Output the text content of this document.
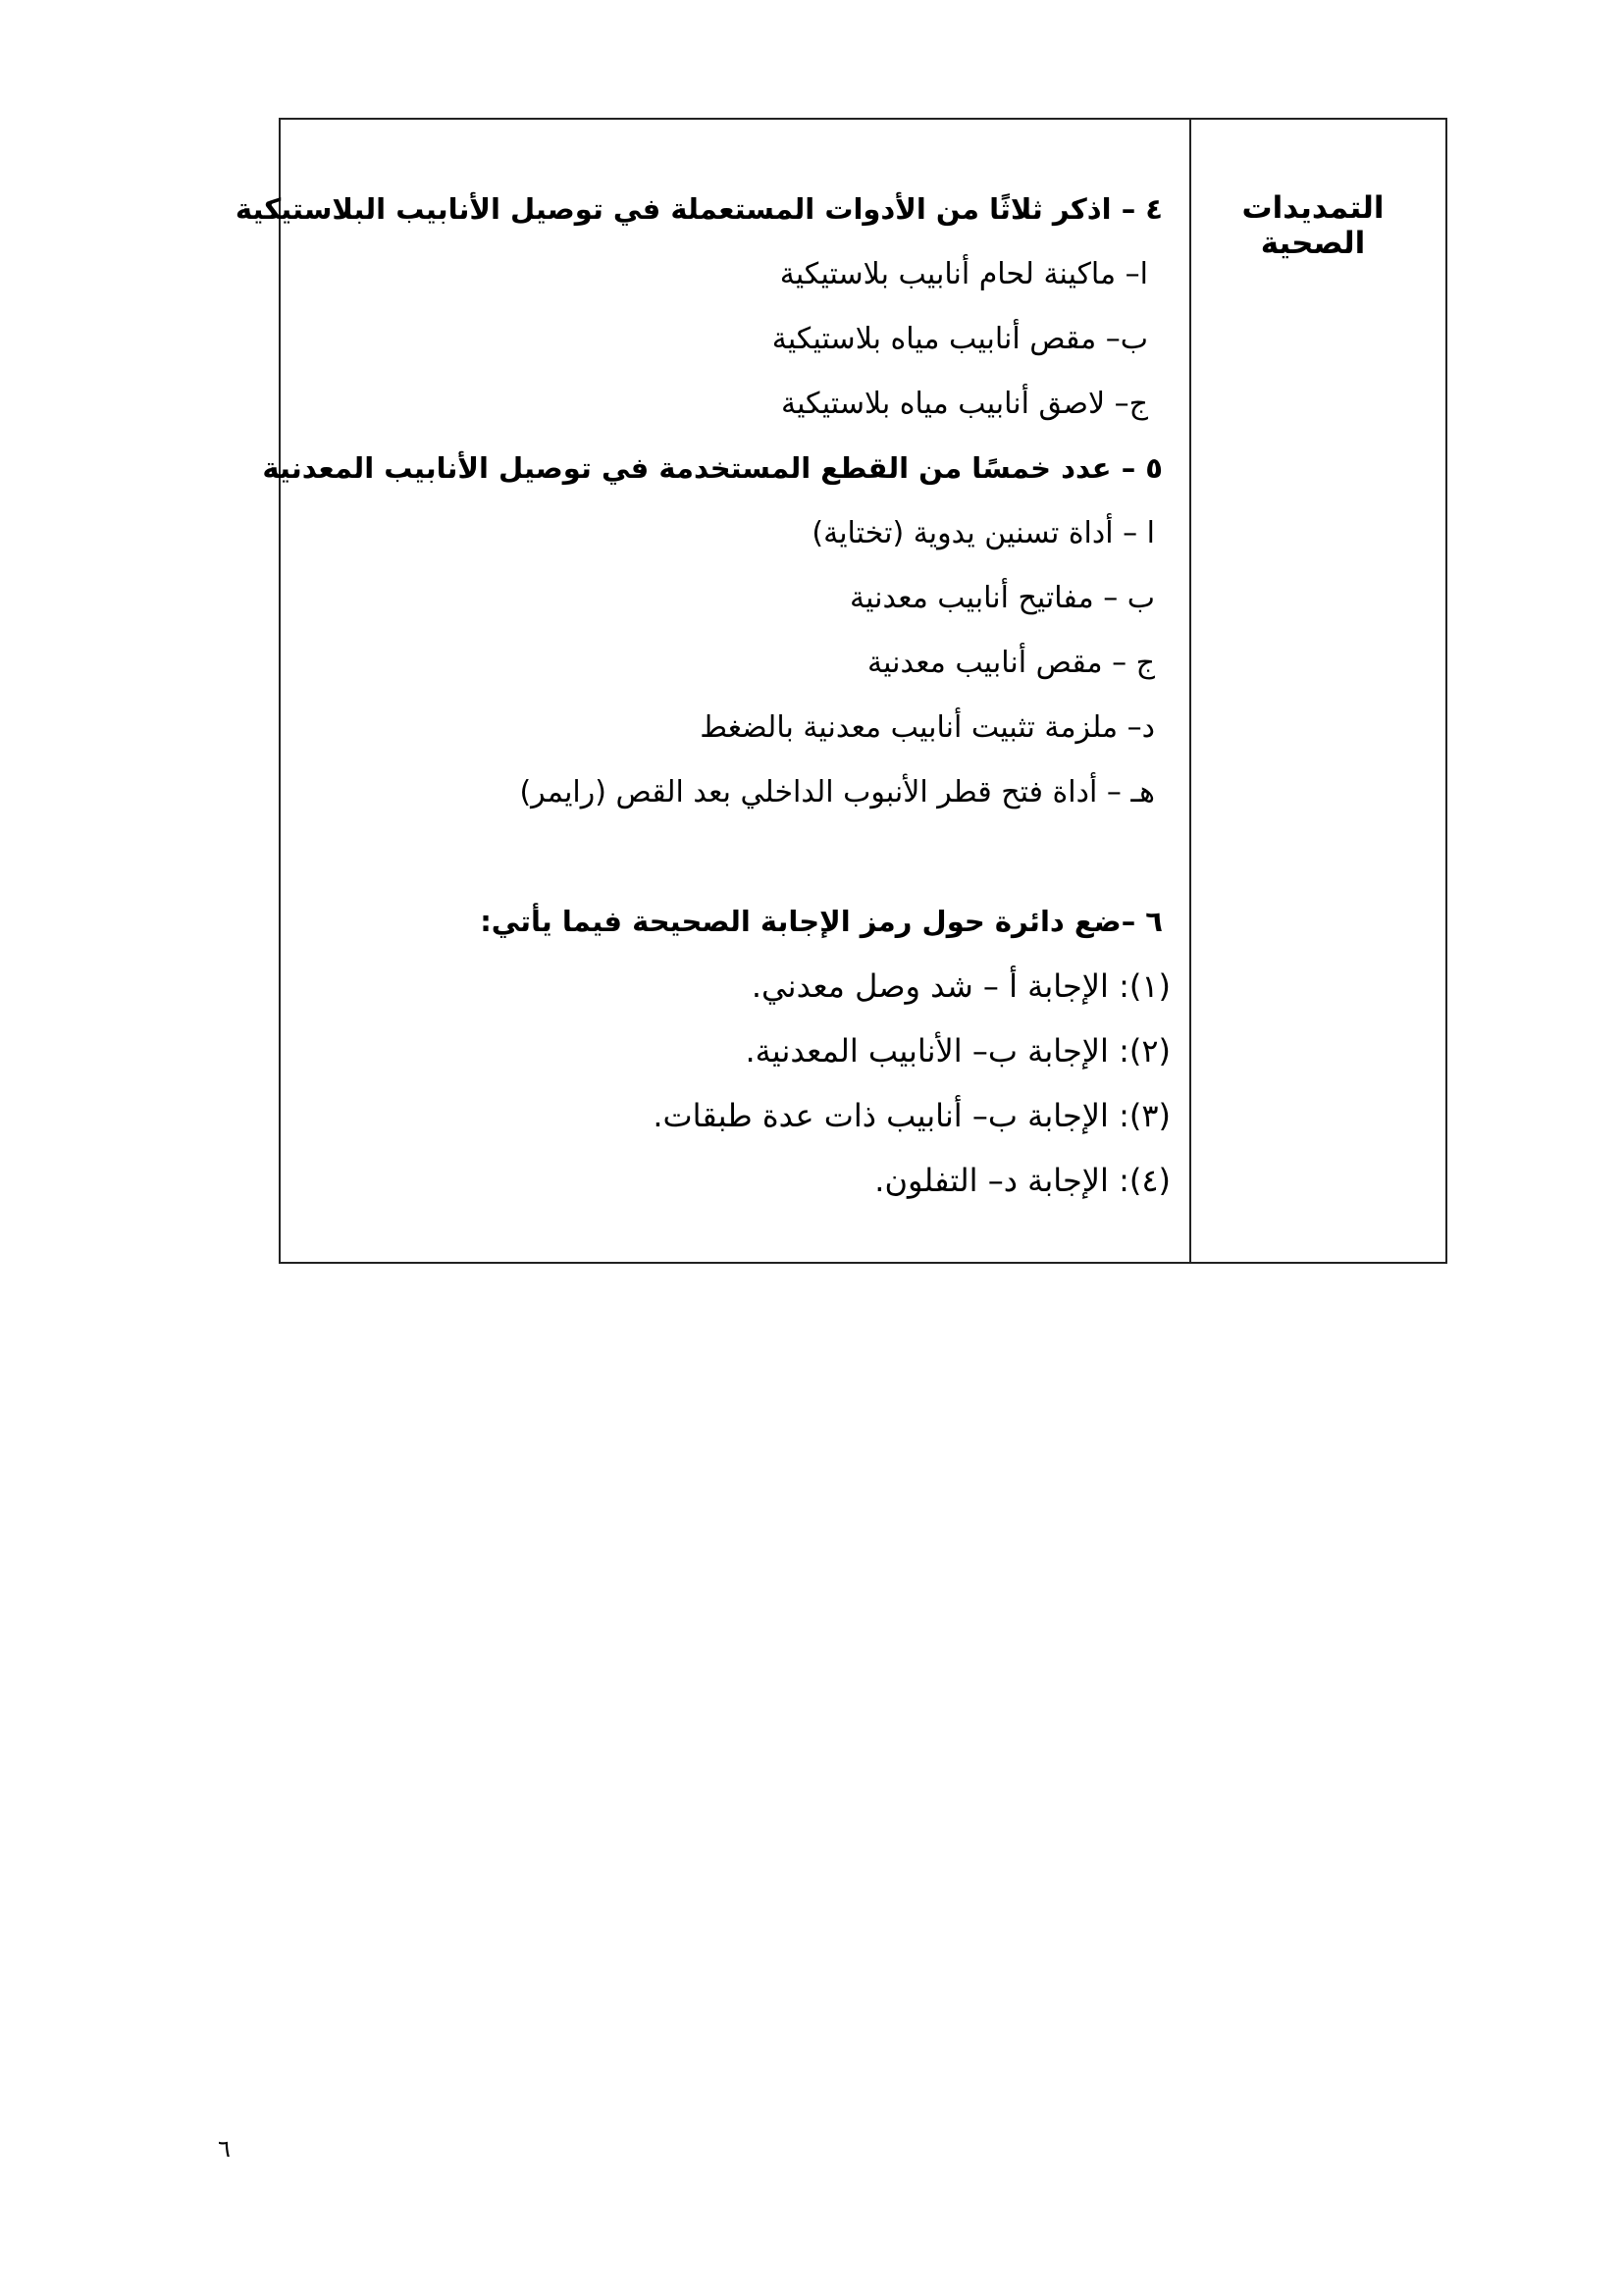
التمديدات الصحية
٤ – اذكر ثلاثًا من الأدوات المستعملة في توصيل الأنابيب البلاستيكية
ا– ماكينة لحام أنابيب بلاستيكية
ب– مقص أنابيب مياه بلاستيكية
ج– لاصق أنابيب مياه بلاستيكية
٥ – عدد خمسًا من القطع المستخدمة في توصيل الأنابيب المعدنية
ا – أداة تسنين يدوية (تختاية)
ب – مفاتيح أنابيب معدنية
ج – مقص أنابيب معدنية
د– ملزمة تثبيت أنابيب معدنية بالضغط
هـ – أداة فتح قطر الأنبوب الداخلي بعد القص (رايمر)
٦ –ضع دائرة حول رمز الإجابة الصحيحة فيما يأتي:
(١): الإجابة أ – شد وصل معدني.
(٢): الإجابة ب– الأنابيب المعدنية.
(٣): الإجابة ب– أنابيب ذات عدة طبقات.
(٤): الإجابة د– التفلون.
٦
